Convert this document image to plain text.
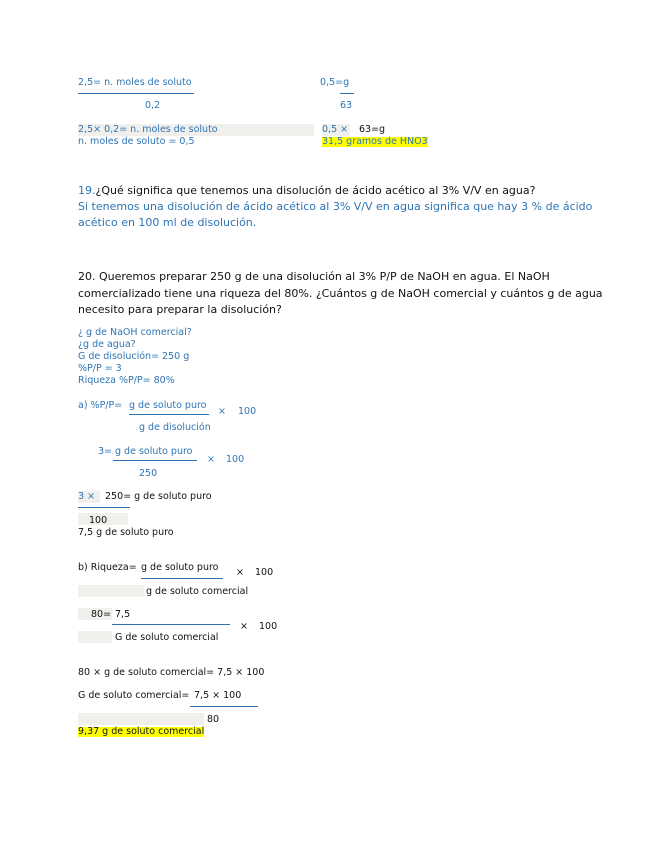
2,5= n. moles de soluto
0,2
0,5=g
63
2,5× 0,2= n. moles de soluto
n. moles de soluto = 0,5
0,5 × 63=g
31,5 gramos de HNO3
19.¿Qué significa que tenemos una disolución de ácido acético al 3% V/V en agua?
Si tenemos una disolución de ácido acético al 3% V/V en agua significa que hay 3 % de ácido
acético en 100 ml de disolución.
20. Queremos preparar 250 g de una disolución al 3% P/P de NaOH en agua. El NaOH
comercializado tiene una riqueza del 80%. ¿Cuántos g de NaOH comercial y cuántos g de agua
necesito para preparar la disolución?
¿ g de NaOH comercial?
¿g de agua?
G de disolución= 250 g
%P/P = 3
Riqueza %P/P= 80%
a) %P/P= g de soluto puro
× 100
g de disolución
3= g de soluto puro
× 100
250
3 × 250= g de soluto puro
100
7,5 g de soluto puro
b) Riqueza= g de soluto puro × 100
g de soluto comercial
80= 7,5
× 100
G de soluto comercial
80 × g de soluto comercial= 7,5 × 100
G de soluto comercial= 7,5 × 100
80
9,37 g de soluto comercial
